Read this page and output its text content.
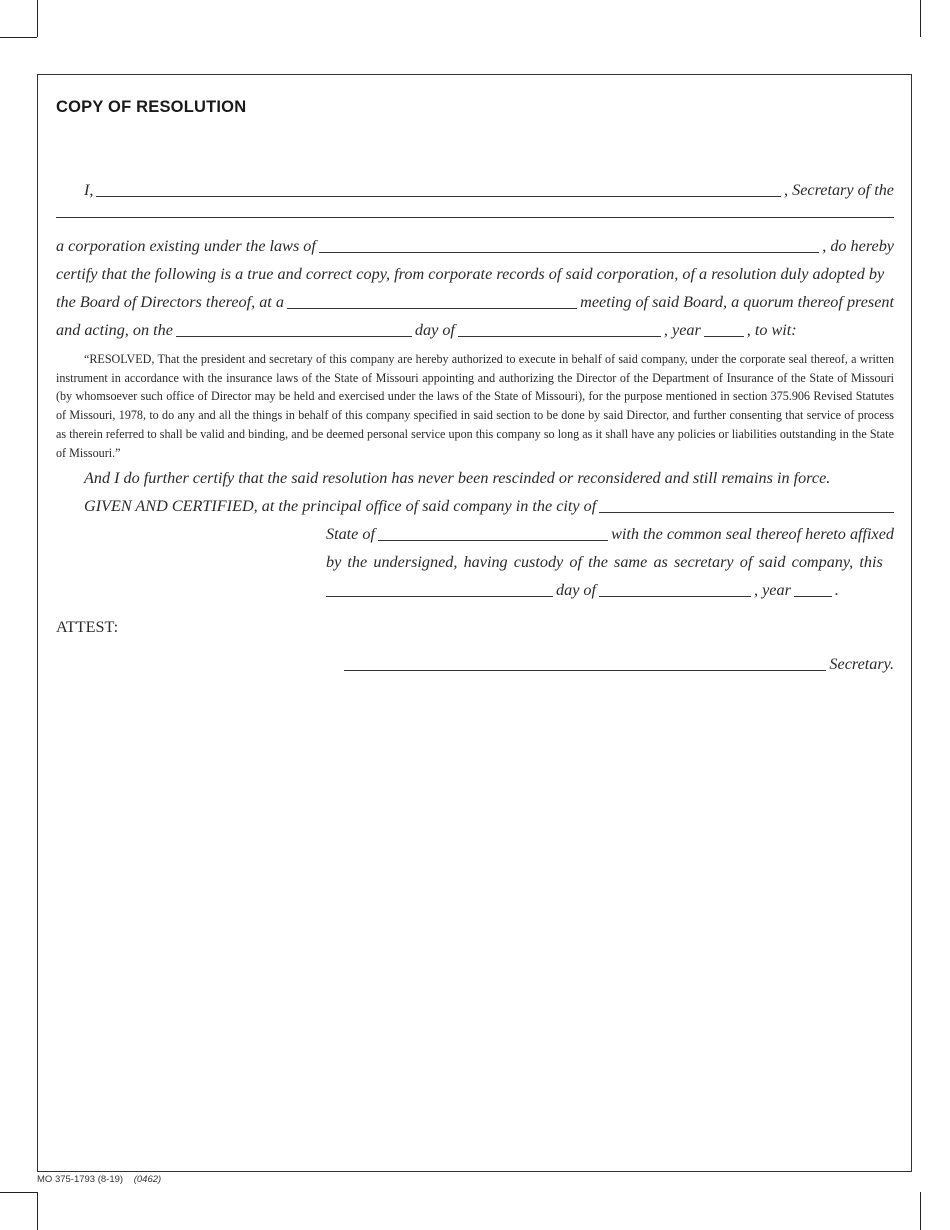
COPY OF RESOLUTION
I,	, Secretary of the
a corporation existing under the laws of	, do hereby
certify that the following is a true and correct copy, from corporate records of said corporation, of a resolution duly adopted by
the Board of Directors thereof, at a	meeting of said Board, a quorum thereof present
and acting, on the	day of	, year	, to wit:
“RESOLVED, That the president and secretary of this company are hereby authorized to execute in behalf of said company, under the corporate seal thereof, a written instrument in accordance with the insurance laws of the State of Missouri appointing and authorizing the Director of the Department of Insurance of the State of Missouri (by whomsoever such office of Director may be held and exercised under the laws of the State of Missouri), for the purpose mentioned in section 375.906 Revised Statutes of Missouri, 1978, to do any and all the things in behalf of this company specified in said section to be done by said Director, and further consenting that service of process as therein referred to shall be valid and binding, and be deemed personal service upon this company so long as it shall have any policies or liabilities outstanding in the State of Missouri.”
And I do further certify that the said resolution has never been rescinded or reconsidered and still remains in force.
GIVEN AND CERTIFIED, at the principal office of said company in the city of
State of	with the common seal thereof hereto affixed
by the undersigned, having custody of the same as secretary of said company, this
day of	, year	.
ATTEST:
Secretary.
MO 375-1793 (8-19) (0462)
